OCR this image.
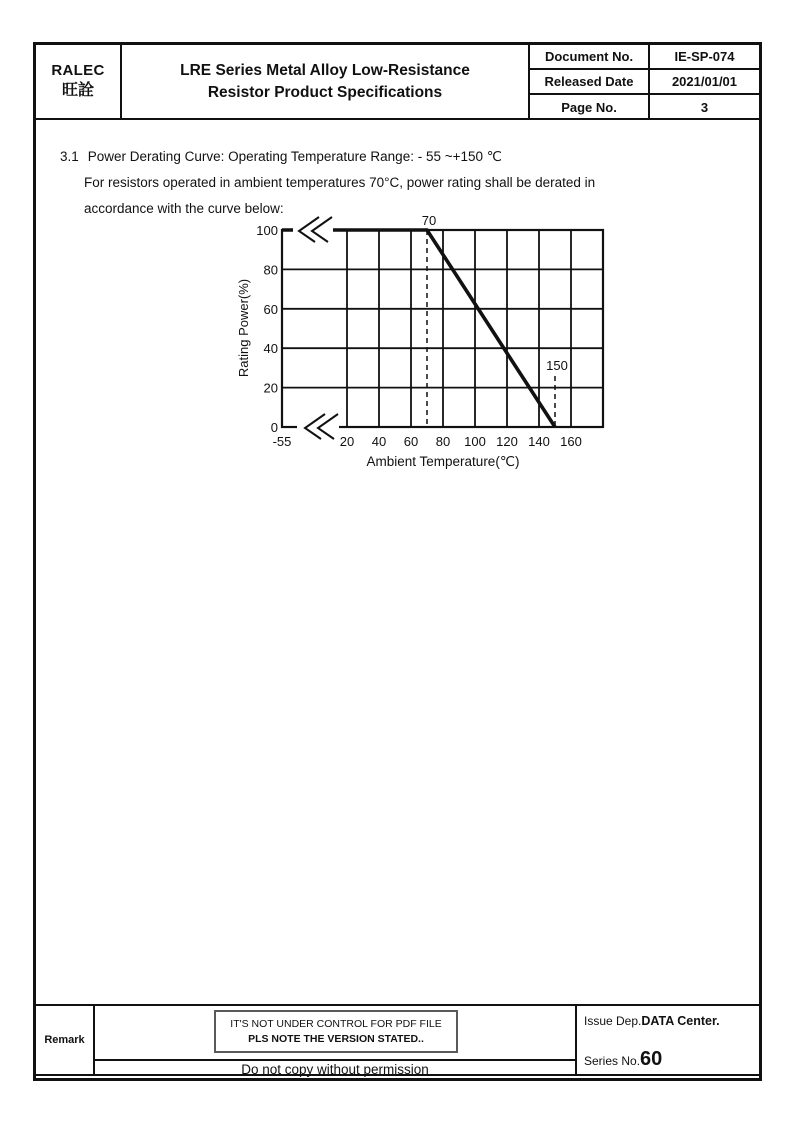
RALEC
旺詮
LRE Series Metal Alloy Low-Resistance
Resistor Product Specifications
Document No.	IE-SP-074
Released Date	2021/01/01
Page No.	3
3.1 Power Derating Curve: Operating Temperature Range: - 55 ~+150 ℃
For resistors operated in ambient temperatures 70°C, power rating shall be derated in
accordance with the curve below:
70
150
100
80
60
40
20
0
-55	20 40 60 80 100 120 140 160
Rating Power(%)
Ambient Temperature(℃)
Remark
IT'S NOT UNDER CONTROL FOR PDF FILE
PLS NOTE THE VERSION STATED..
Do not copy without permission
Issue Dep.DATA Center.
Series No.60
